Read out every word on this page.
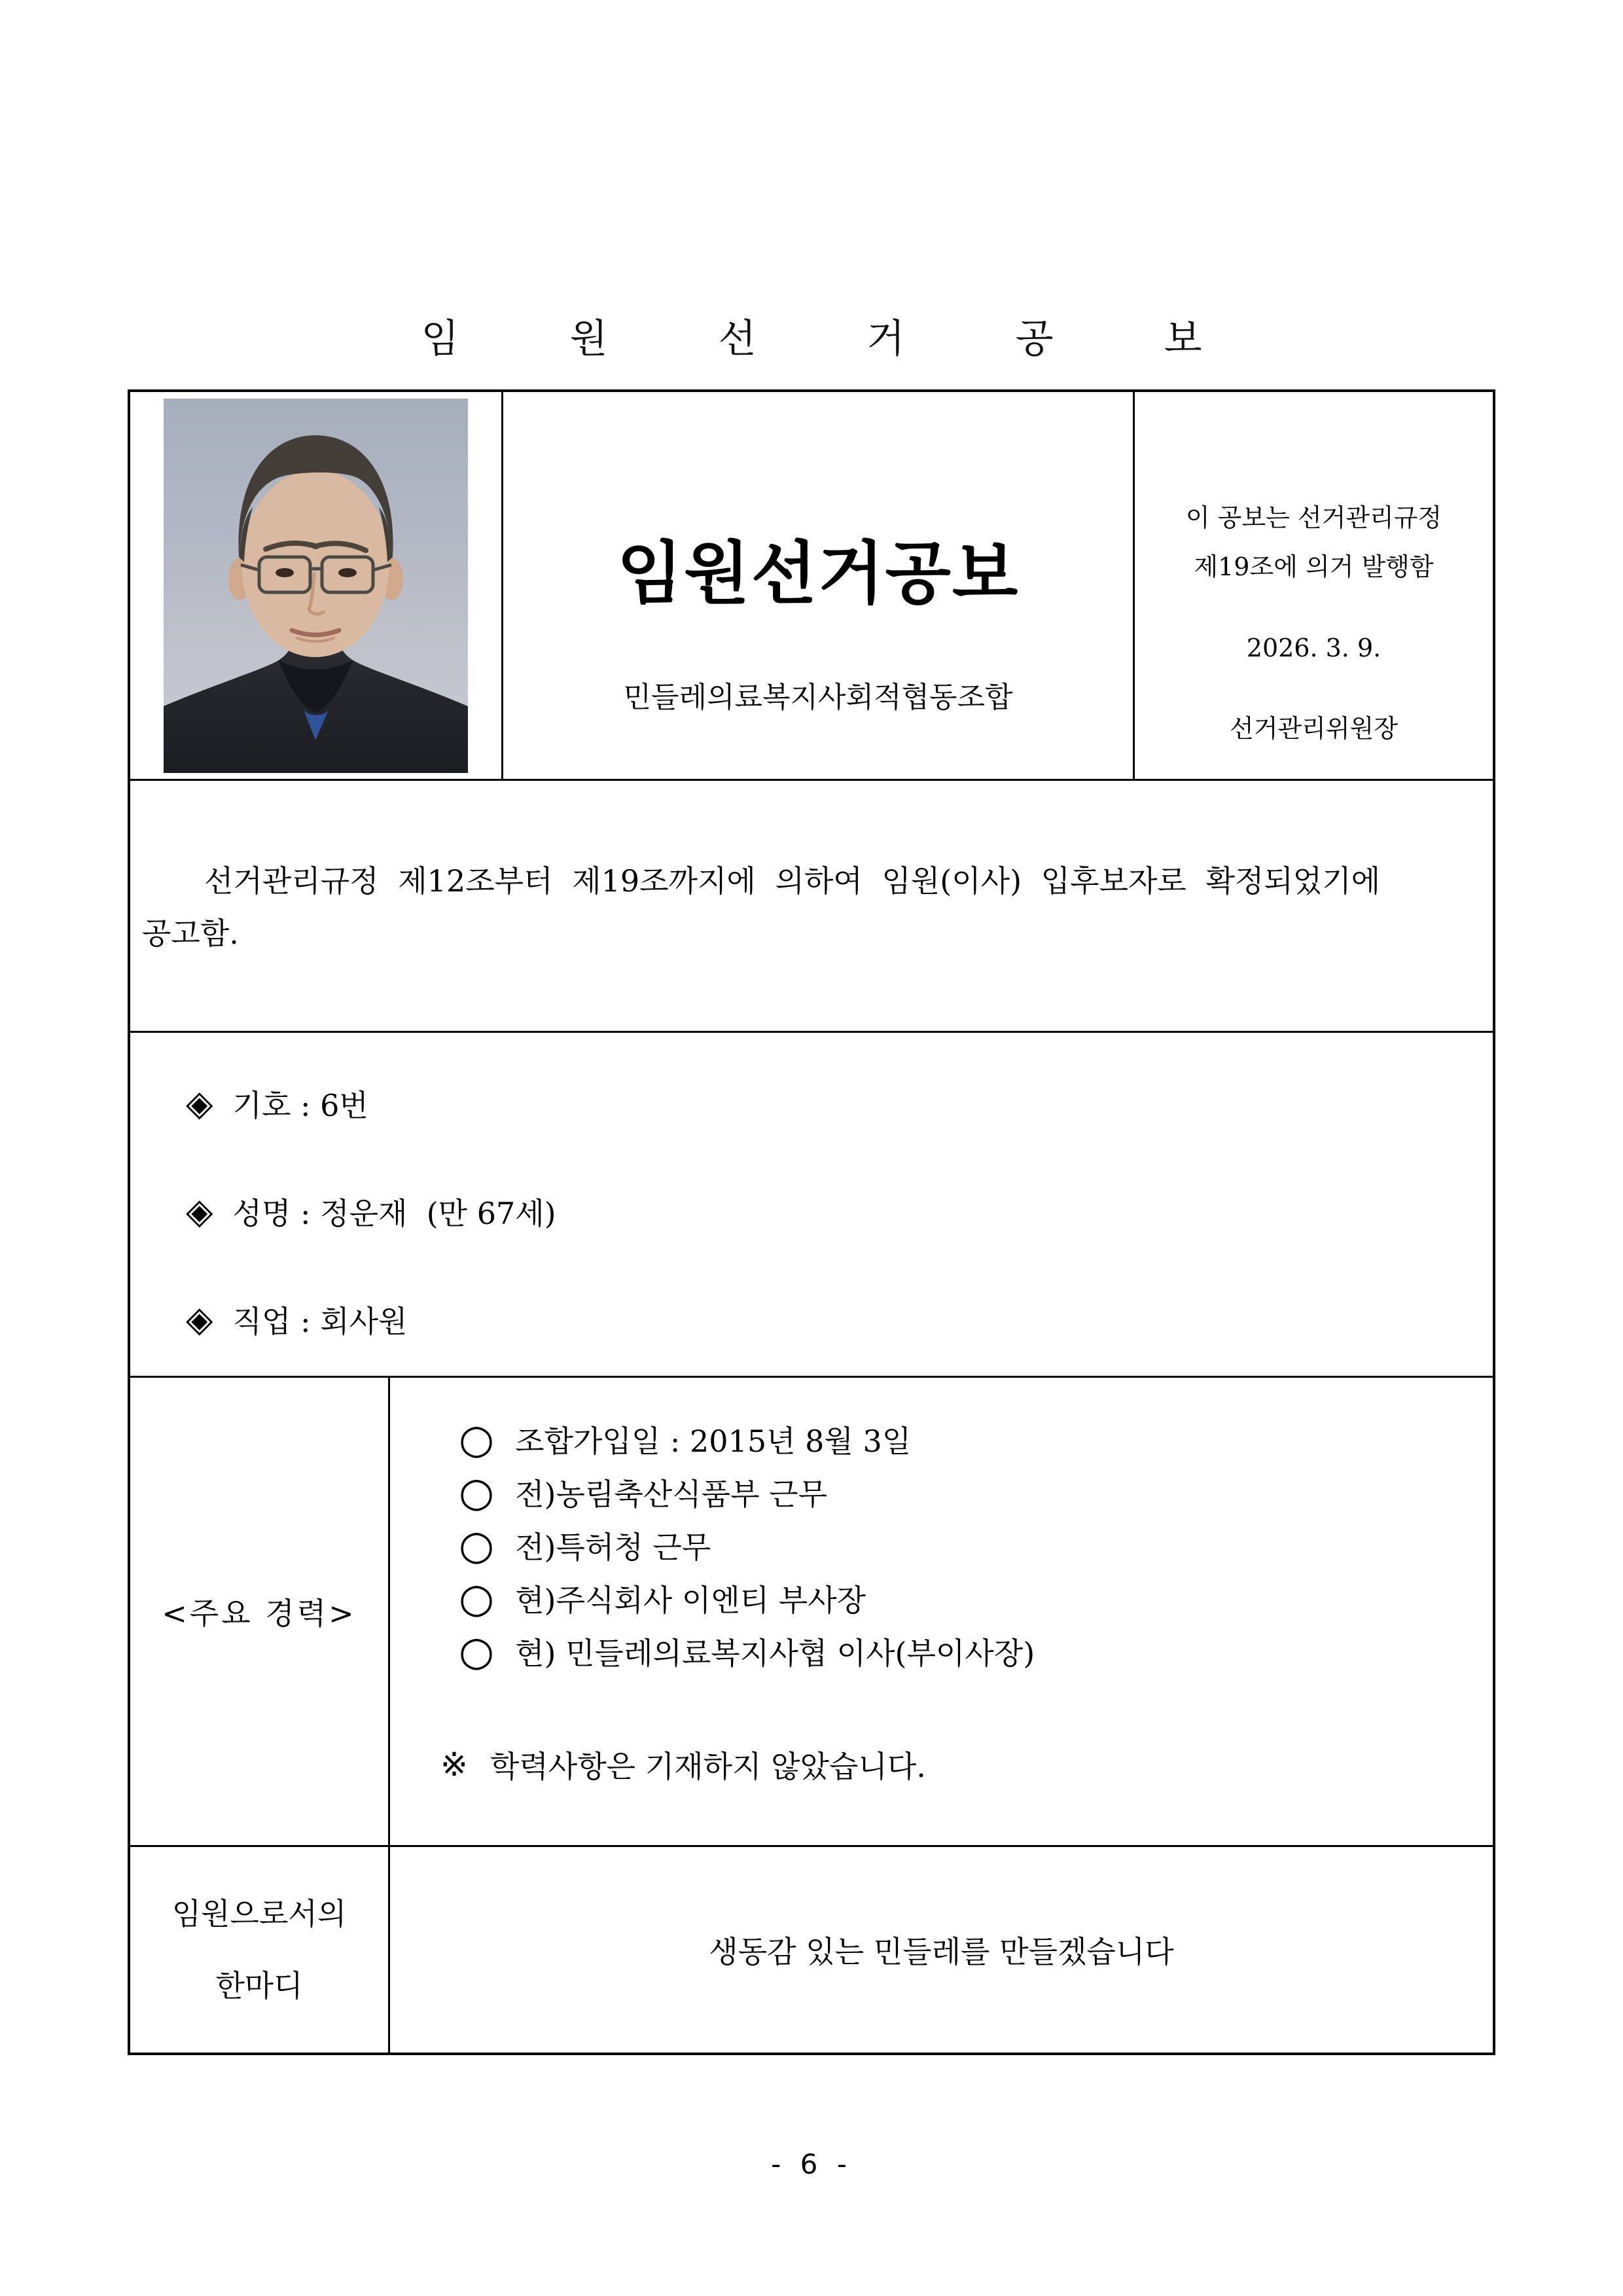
임 원 선 거 공 보
임원선거공보
민들레의료복지사회적협동조합
이 공보는 선거관리규정
제19조에 의거 발행함
2026. 3. 9.
선거관리위원장
선거관리규정 제12조부터 제19조까지에 의하여 임원(이사) 입후보자로 확정되었기에
공고함.
◈ 기호 : 6번
◈ 성명 : 정운재  (만 67세)
◈ 직업 : 회사원
<주요 경력>
○ 조합가입일 : 2015년 8월 3일
○ 전)농림축산식품부 근무
○ 전)특허청 근무
○ 현)주식회사 이엔티 부사장
○ 현) 민들레의료복지사협 이사(부이사장)
※ 학력사항은 기재하지 않았습니다.
임원으로서의
한마디
생동감 있는 민들레를 만들겠습니다
- 6 -
